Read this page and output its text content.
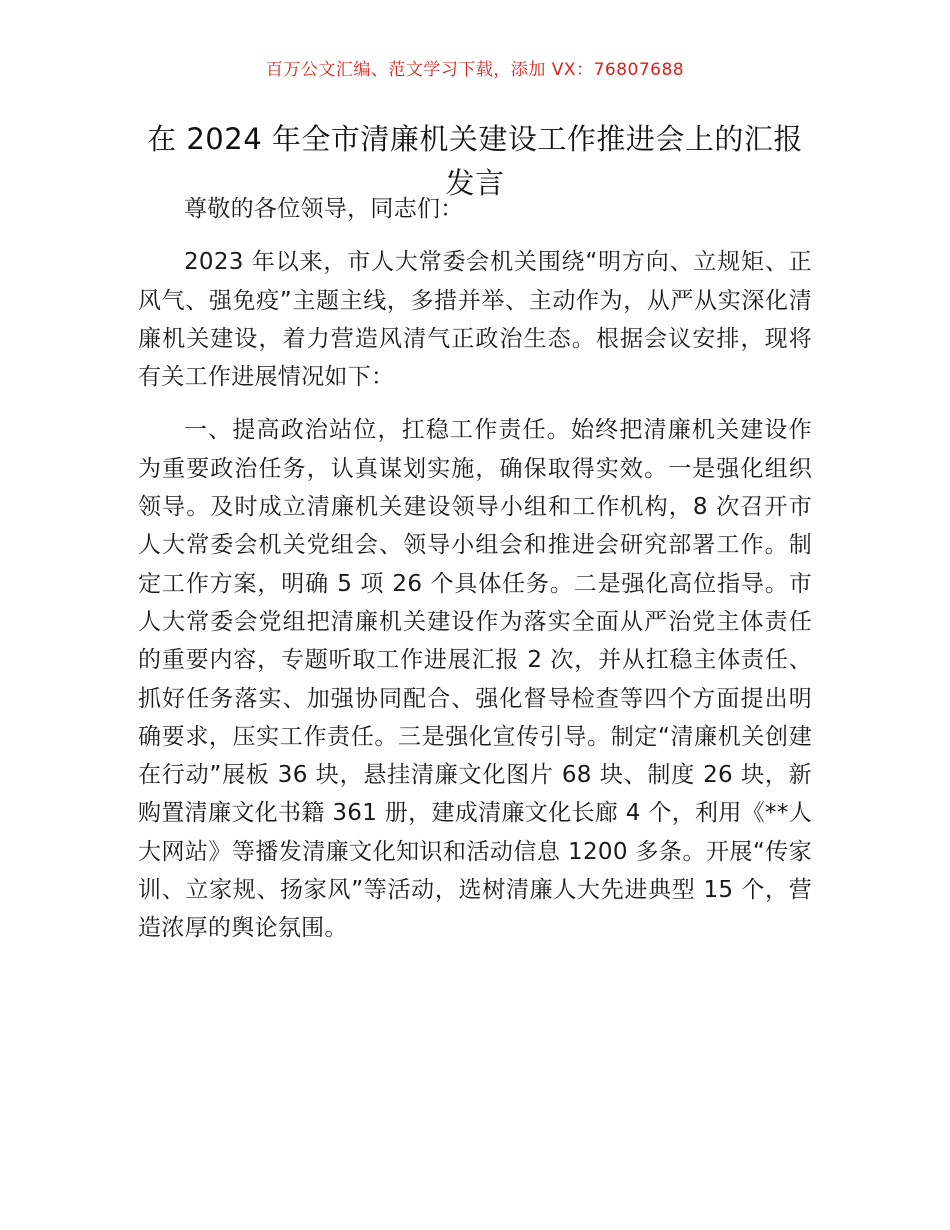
百万公文汇编、范文学习下载，添加 VX：76807688
在 2024 年全市清廉机关建设工作推进会上的汇报发言

尊敬的各位领导，同志们：

2023 年以来，市人大常委会机关围绕“明方向、立规矩、正风气、强免疫”主题主线，多措并举、主动作为，从严从实深化清廉机关建设，着力营造风清气正政治生态。根据会议安排，现将有关工作进展情况如下：

一、提高政治站位，扛稳工作责任。始终把清廉机关建设作为重要政治任务，认真谋划实施，确保取得实效。一是强化组织领导。及时成立清廉机关建设领导小组和工作机构，8 次召开市人大常委会机关党组会、领导小组会和推进会研究部署工作。制定工作方案，明确 5 项 26 个具体任务。二是强化高位指导。市人大常委会党组把清廉机关建设作为落实全面从严治党主体责任的重要内容，专题听取工作进展汇报 2 次，并从扛稳主体责任、抓好任务落实、加强协同配合、强化督导检查等四个方面提出明确要求，压实工作责任。三是强化宣传引导。制定“清廉机关创建在行动”展板 36 块，悬挂清廉文化图片 68 块、制度 26 块，新购置清廉文化书籍 361 册，建成清廉文化长廊 4 个，利用《**人大网站》等播发清廉文化知识和活动信息 1200 多条。开展“传家训、立家规、扬家风”等活动，选树清廉人大先进典型 15 个，营造浓厚的舆论氛围。
